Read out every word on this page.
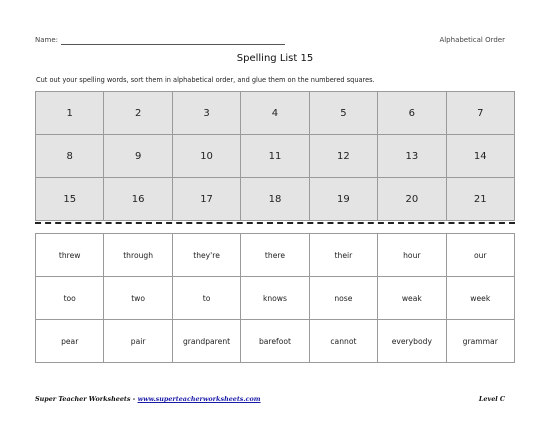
Name:	Alphabetical Order
Spelling List 15
Cut out your spelling words, sort them in alphabetical order, and glue them on the numbered squares.
1	2	3	4	5	6	7
8	9	10	11	12	13	14
15	16	17	18	19	20	21
threw	through	they're	there	their	hour	our
too	two	to	knows	nose	weak	week
pear	pair	grandparent	barefoot	cannot	everybody	grammar
Super Teacher Worksheets - www.superteacherworksheets.com	Level C
